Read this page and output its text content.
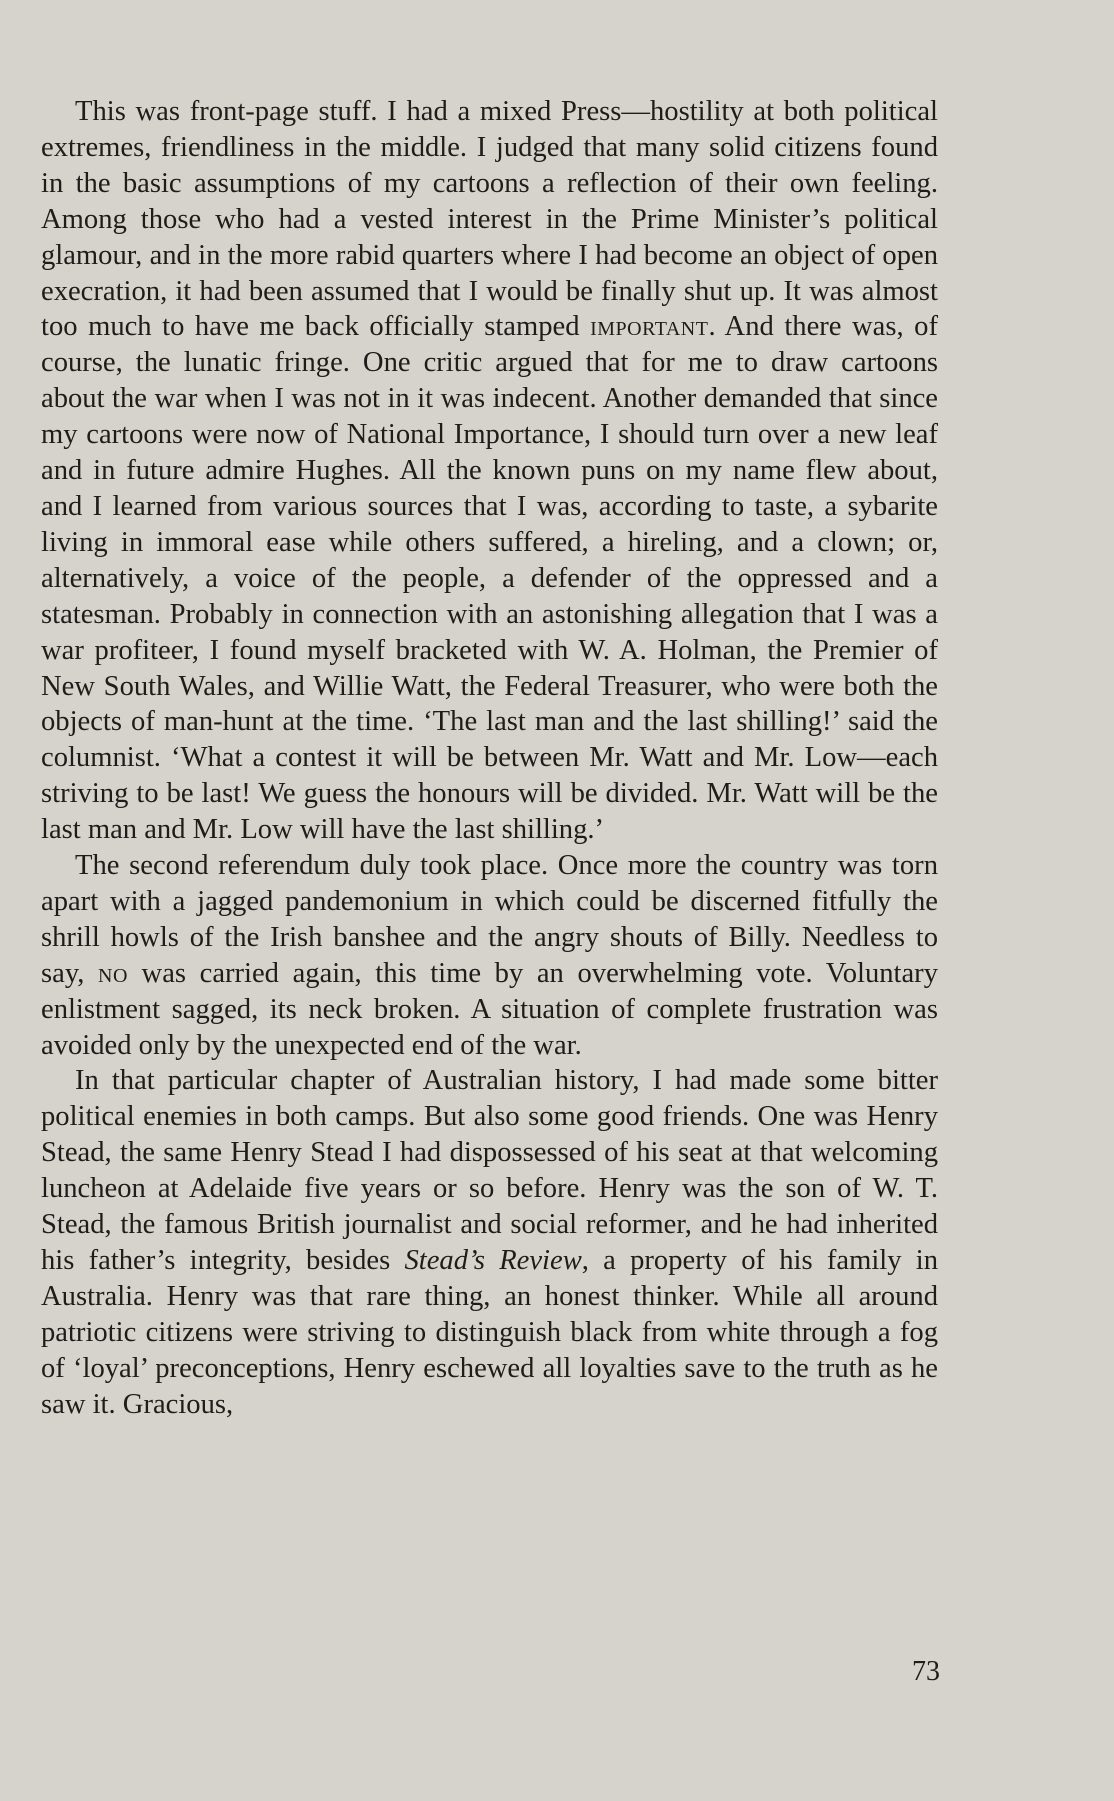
This was front-page stuff. I had a mixed Press—hostility at both political extremes, friendliness in the middle. I judged that many solid citizens found in the basic assumptions of my cartoons a reflection of their own feeling. Among those who had a vested interest in the Prime Minister’s political glamour, and in the more rabid quarters where I had become an object of open execration, it had been assumed that I would be finally shut up. It was almost too much to have me back officially stamped important. And there was, of course, the lunatic fringe. One critic argued that for me to draw cartoons about the war when I was not in it was indecent. Another demanded that since my cartoons were now of National Importance, I should turn over a new leaf and in future admire Hughes. All the known puns on my name flew about, and I learned from various sources that I was, according to taste, a sybarite living in immoral ease while others suffered, a hireling, and a clown; or, alternatively, a voice of the people, a defender of the oppressed and a statesman. Probably in connection with an astonishing allegation that I was a war profiteer, I found myself bracketed with W. A. Holman, the Premier of New South Wales, and Willie Watt, the Federal Treasurer, who were both the objects of man-hunt at the time. ‘The last man and the last shilling!’ said the columnist. ‘What a contest it will be between Mr. Watt and Mr. Low—each striving to be last! We guess the honours will be divided. Mr. Watt will be the last man and Mr. Low will have the last shilling.’

The second referendum duly took place. Once more the country was torn apart with a jagged pandemonium in which could be discerned fitfully the shrill howls of the Irish banshee and the angry shouts of Billy. Needless to say, no was carried again, this time by an overwhelming vote. Voluntary enlistment sagged, its neck broken. A situation of complete frustration was avoided only by the unexpected end of the war.

In that particular chapter of Australian history, I had made some bitter political enemies in both camps. But also some good friends. One was Henry Stead, the same Henry Stead I had dispossessed of his seat at that welcoming luncheon at Adelaide five years or so before. Henry was the son of W. T. Stead, the famous British journalist and social reformer, and he had inherited his father’s integrity, besides Stead’s Review, a property of his family in Australia. Henry was that rare thing, an honest thinker. While all around patriotic citizens were striving to distinguish black from white through a fog of ‘loyal’ preconceptions, Henry eschewed all loyalties save to the truth as he saw it. Gracious,

73
